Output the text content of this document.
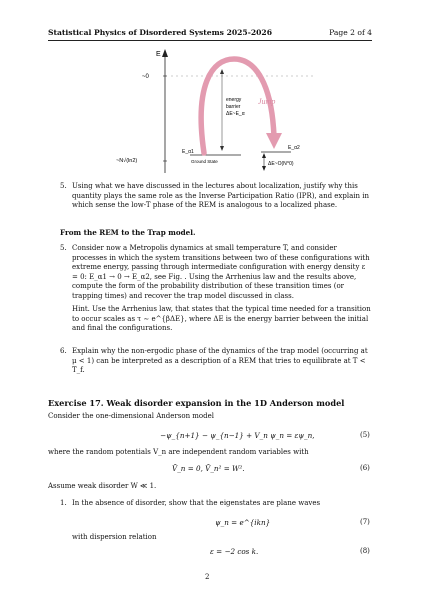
Statistical Physics of Disordered Systems 2025-2026	Page 2 of 4
E
~0
~N√(ln2)
E_α1
E_α2
Ground State	ΔE~O(N^0)
energy
barrier
ΔE~E_α
Jump
5. Using what we have discussed in the lectures about localization, justify why this quantity plays the same role as the Inverse Participation Ratio (IPR), and explain in which sense the low-T phase of the REM is analogous to a localized phase.
From the REM to the Trap model.
5. Consider now a Metropolis dynamics at small temperature T, and consider processes in which the system transitions between two of these configurations with extreme energy, passing through intermediate configuration with energy density ε = 0: E_α1 → 0 → E_α2, see Fig. . Using the Arrhenius law and the results above, compute the form of the probability distribution of these transition times (or trapping times) and recover the trap model discussed in class.
Hint. Use the Arrhenius law, that states that the typical time needed for a transition to occur scales as τ ∼ e^{βΔE}, where ΔE is the energy barrier between the initial and final the configurations.
6. Explain why the non-ergodic phase of the dynamics of the trap model (occurring at μ < 1) can be interpreted as a description of a REM that tries to equilibrate at T < T_f.
Exercise 17. Weak disorder expansion in the 1D Anderson model
Consider the one-dimensional Anderson model
−ψ_{n+1} − ψ_{n−1} + V_n ψ_n = εψ_n,	(5)
where the random potentials V_n are independent random variables with
V̄_n = 0, V̄_n² = W².	(6)
Assume weak disorder W ≪ 1.
1. In the absence of disorder, show that the eigenstates are plane waves
ψ_n = e^{ikn}	(7)
with dispersion relation
ε = −2 cos k.	(8)
2
